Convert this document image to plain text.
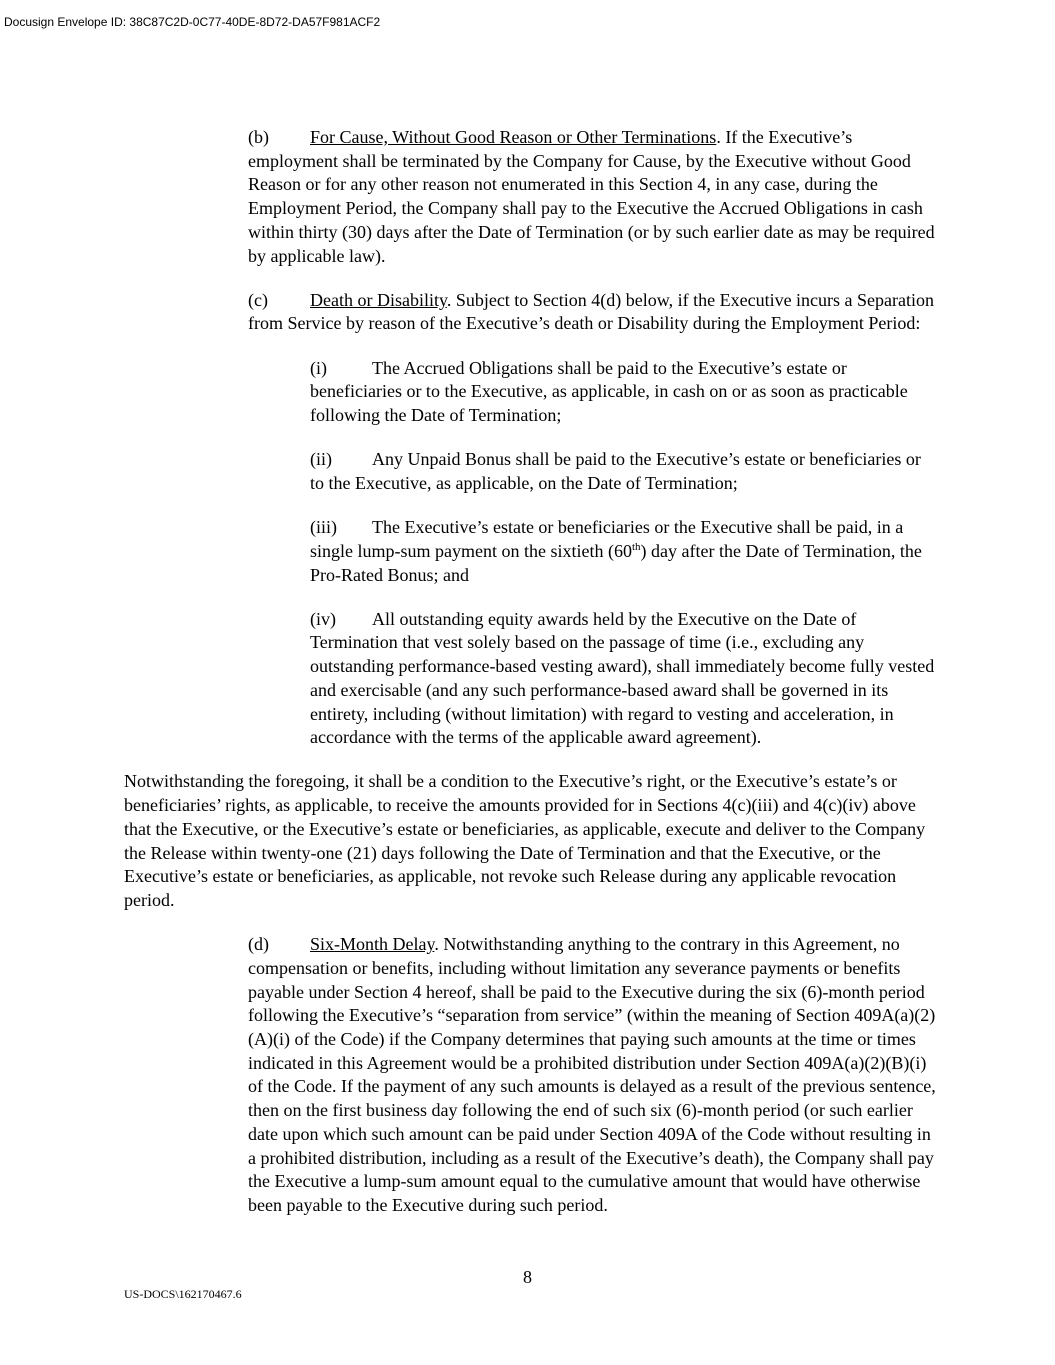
Docusign Envelope ID: 38C87C2D-0C77-40DE-8D72-DA57F981ACF2

(b) For Cause, Without Good Reason or Other Terminations. If the Executive’s employment shall be terminated by the Company for Cause, by the Executive without Good Reason or for any other reason not enumerated in this Section 4, in any case, during the Employment Period, the Company shall pay to the Executive the Accrued Obligations in cash within thirty (30) days after the Date of Termination (or by such earlier date as may be required by applicable law).

(c) Death or Disability. Subject to Section 4(d) below, if the Executive incurs a Separation from Service by reason of the Executive’s death or Disability during the Employment Period:

(i)	The Accrued Obligations shall be paid to the Executive’s estate or beneficiaries or to the Executive, as applicable, in cash on or as soon as practicable following the Date of Termination;

(ii) Any Unpaid Bonus shall be paid to the Executive’s estate or beneficiaries or to the Executive, as applicable, on the Date of Termination;

(iii) The Executive’s estate or beneficiaries or the Executive shall be paid, in a single lump-sum payment on the sixtieth (60th) day after the Date of Termination, the Pro-Rated Bonus; and

(iv) All outstanding equity awards held by the Executive on the Date of Termination that vest solely based on the passage of time (i.e., excluding any outstanding performance-based vesting award), shall immediately become fully vested and exercisable (and any such performance-based award shall be governed in its entirety, including (without limitation) with regard to vesting and acceleration, in accordance with the terms of the applicable award agreement).

Notwithstanding the foregoing, it shall be a condition to the Executive’s right, or the Executive’s estate’s or beneficiaries’ rights, as applicable, to receive the amounts provided for in Sections 4(c)(iii) and 4(c)(iv) above that the Executive, or the Executive’s estate or beneficiaries, as applicable, execute and deliver to the Company the Release within twenty-one (21) days following the Date of Termination and that the Executive, or the Executive’s estate or beneficiaries, as applicable, not revoke such Release during any applicable revocation period.

(d) Six-Month Delay. Notwithstanding anything to the contrary in this Agreement, no compensation or benefits, including without limitation any severance payments or benefits payable under Section 4 hereof, shall be paid to the Executive during the six (6)-month period following the Executive’s “separation from service” (within the meaning of Section 409A(a)(2)(A)(i) of the Code) if the Company determines that paying such amounts at the time or times indicated in this Agreement would be a prohibited distribution under Section 409A(a)(2)(B)(i) of the Code. If the payment of any such amounts is delayed as a result of the previous sentence, then on the first business day following the end of such six (6)-month period (or such earlier date upon which such amount can be paid under Section 409A of the Code without resulting in a prohibited distribution, including as a result of the Executive’s death), the Company shall pay the Executive a lump-sum amount equal to the cumulative amount that would have otherwise been payable to the Executive during such period.

8
US-DOCS\162170467.6
